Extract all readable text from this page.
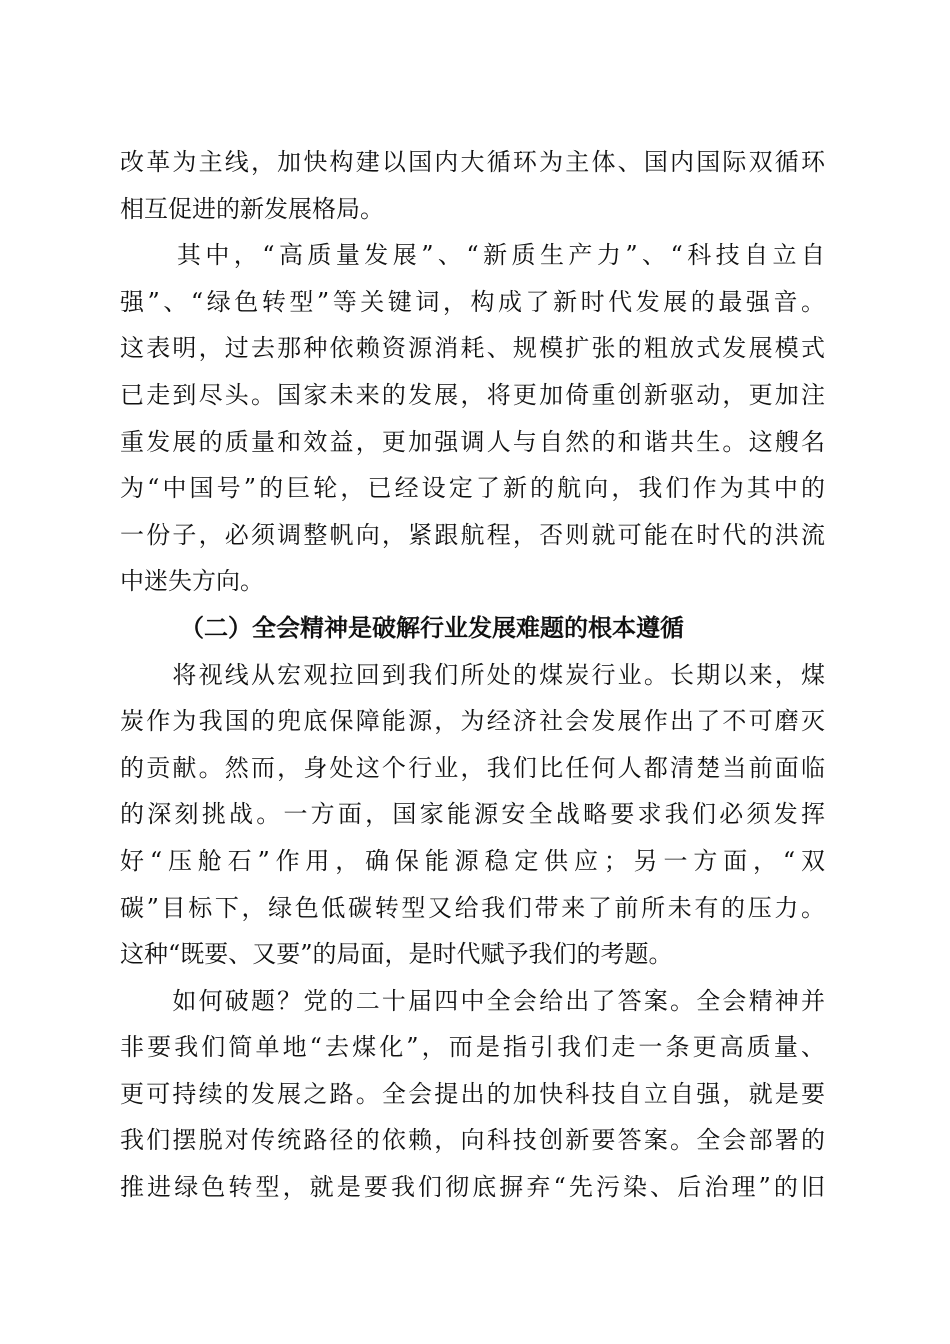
改革为主线，加快构建以国内大循环为主体、国内国际双循环
相互促进的新发展格局。
　　其中，“高质量发展”、“新质生产力”、“科技自立自
强”、“绿色转型”等关键词，构成了新时代发展的最强音。
这表明，过去那种依赖资源消耗、规模扩张的粗放式发展模式
已走到尽头。国家未来的发展，将更加倚重创新驱动，更加注
重发展的质量和效益，更加强调人与自然的和谐共生。这艘名
为“中国号”的巨轮，已经设定了新的航向，我们作为其中的
一份子，必须调整帆向，紧跟航程，否则就可能在时代的洪流
中迷失方向。
（二）全会精神是破解行业发展难题的根本遵循
　　将视线从宏观拉回到我们所处的煤炭行业。长期以来，煤
炭作为我国的兜底保障能源，为经济社会发展作出了不可磨灭
的贡献。然而，身处这个行业，我们比任何人都清楚当前面临
的深刻挑战。一方面，国家能源安全战略要求我们必须发挥
好“压舱石”作用，确保能源稳定供应；另一方面，“双
碳”目标下，绿色低碳转型又给我们带来了前所未有的压力。
这种“既要、又要”的局面，是时代赋予我们的考题。
　　如何破题？党的二十届四中全会给出了答案。全会精神并
非要我们简单地“去煤化”，而是指引我们走一条更高质量、
更可持续的发展之路。全会提出的加快科技自立自强，就是要
我们摆脱对传统路径的依赖，向科技创新要答案。全会部署的
推进绿色转型，就是要我们彻底摒弃“先污染、后治理”的旧
